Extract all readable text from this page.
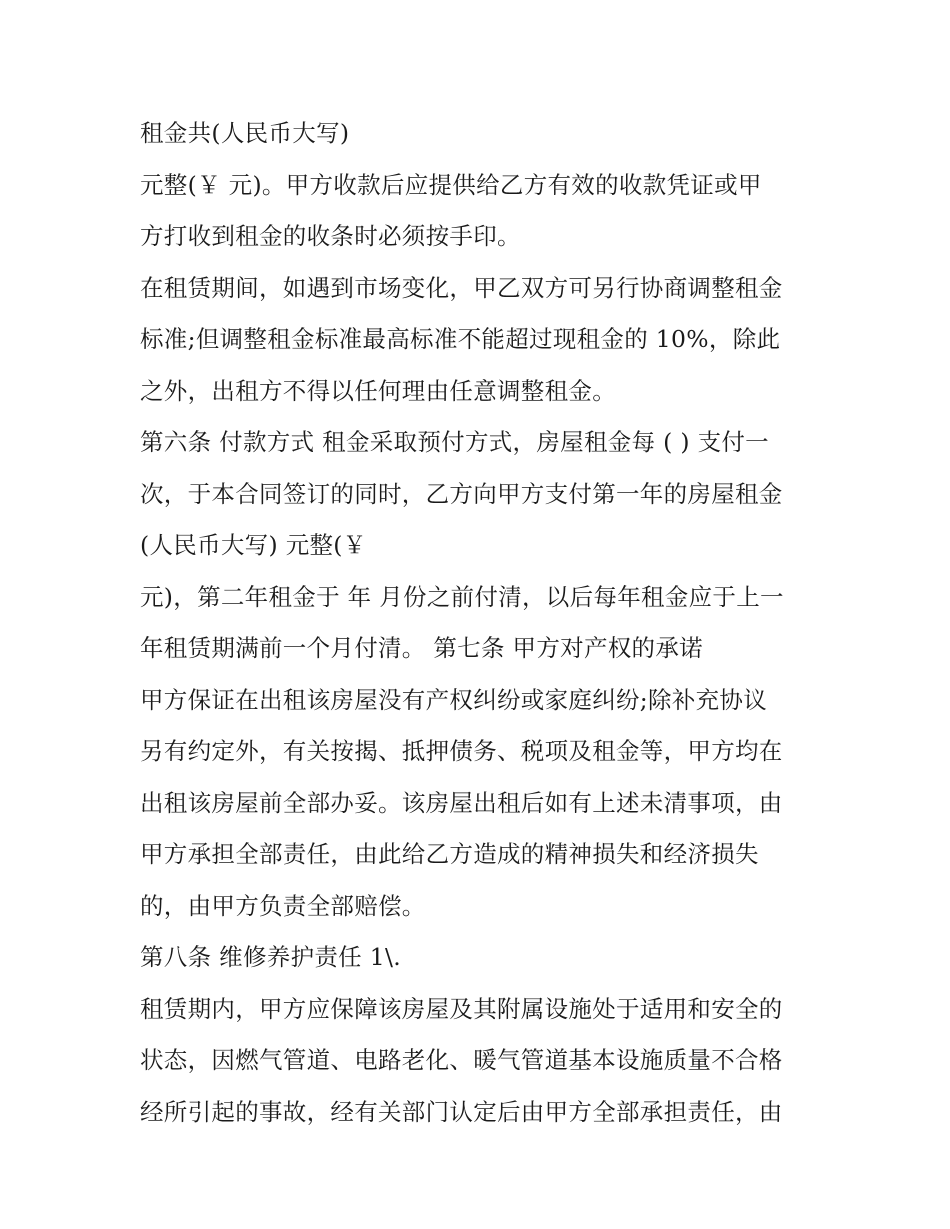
租金共(人民币大写)
元整(￥ 元)。甲方收款后应提供给乙方有效的收款凭证或甲
方打收到租金的收条时必须按手印。
在租赁期间，如遇到市场变化，甲乙双方可另行协商调整租金
标准;但调整租金标准最高标准不能超过现租金的 10%，除此
之外，出租方不得以任何理由任意调整租金。
第六条 付款方式 租金采取预付方式，房屋租金每 ( ) 支付一
次，于本合同签订的同时，乙方向甲方支付第一年的房屋租金
(人民币大写) 元整(￥
元)，第二年租金于 年 月份之前付清，以后每年租金应于上一
年租赁期满前一个月付清。 第七条 甲方对产权的承诺
甲方保证在出租该房屋没有产权纠纷或家庭纠纷;除补充协议
另有约定外，有关按揭、抵押债务、税项及租金等，甲方均在
出租该房屋前全部办妥。该房屋出租后如有上述未清事项，由
甲方承担全部责任，由此给乙方造成的精神损失和经济损失
的，由甲方负责全部赔偿。
第八条 维修养护责任 1\.
租赁期内，甲方应保障该房屋及其附属设施处于适用和安全的
状态，因燃气管道、电路老化、暖气管道基本设施质量不合格
经所引起的事故，经有关部门认定后由甲方全部承担责任，由
